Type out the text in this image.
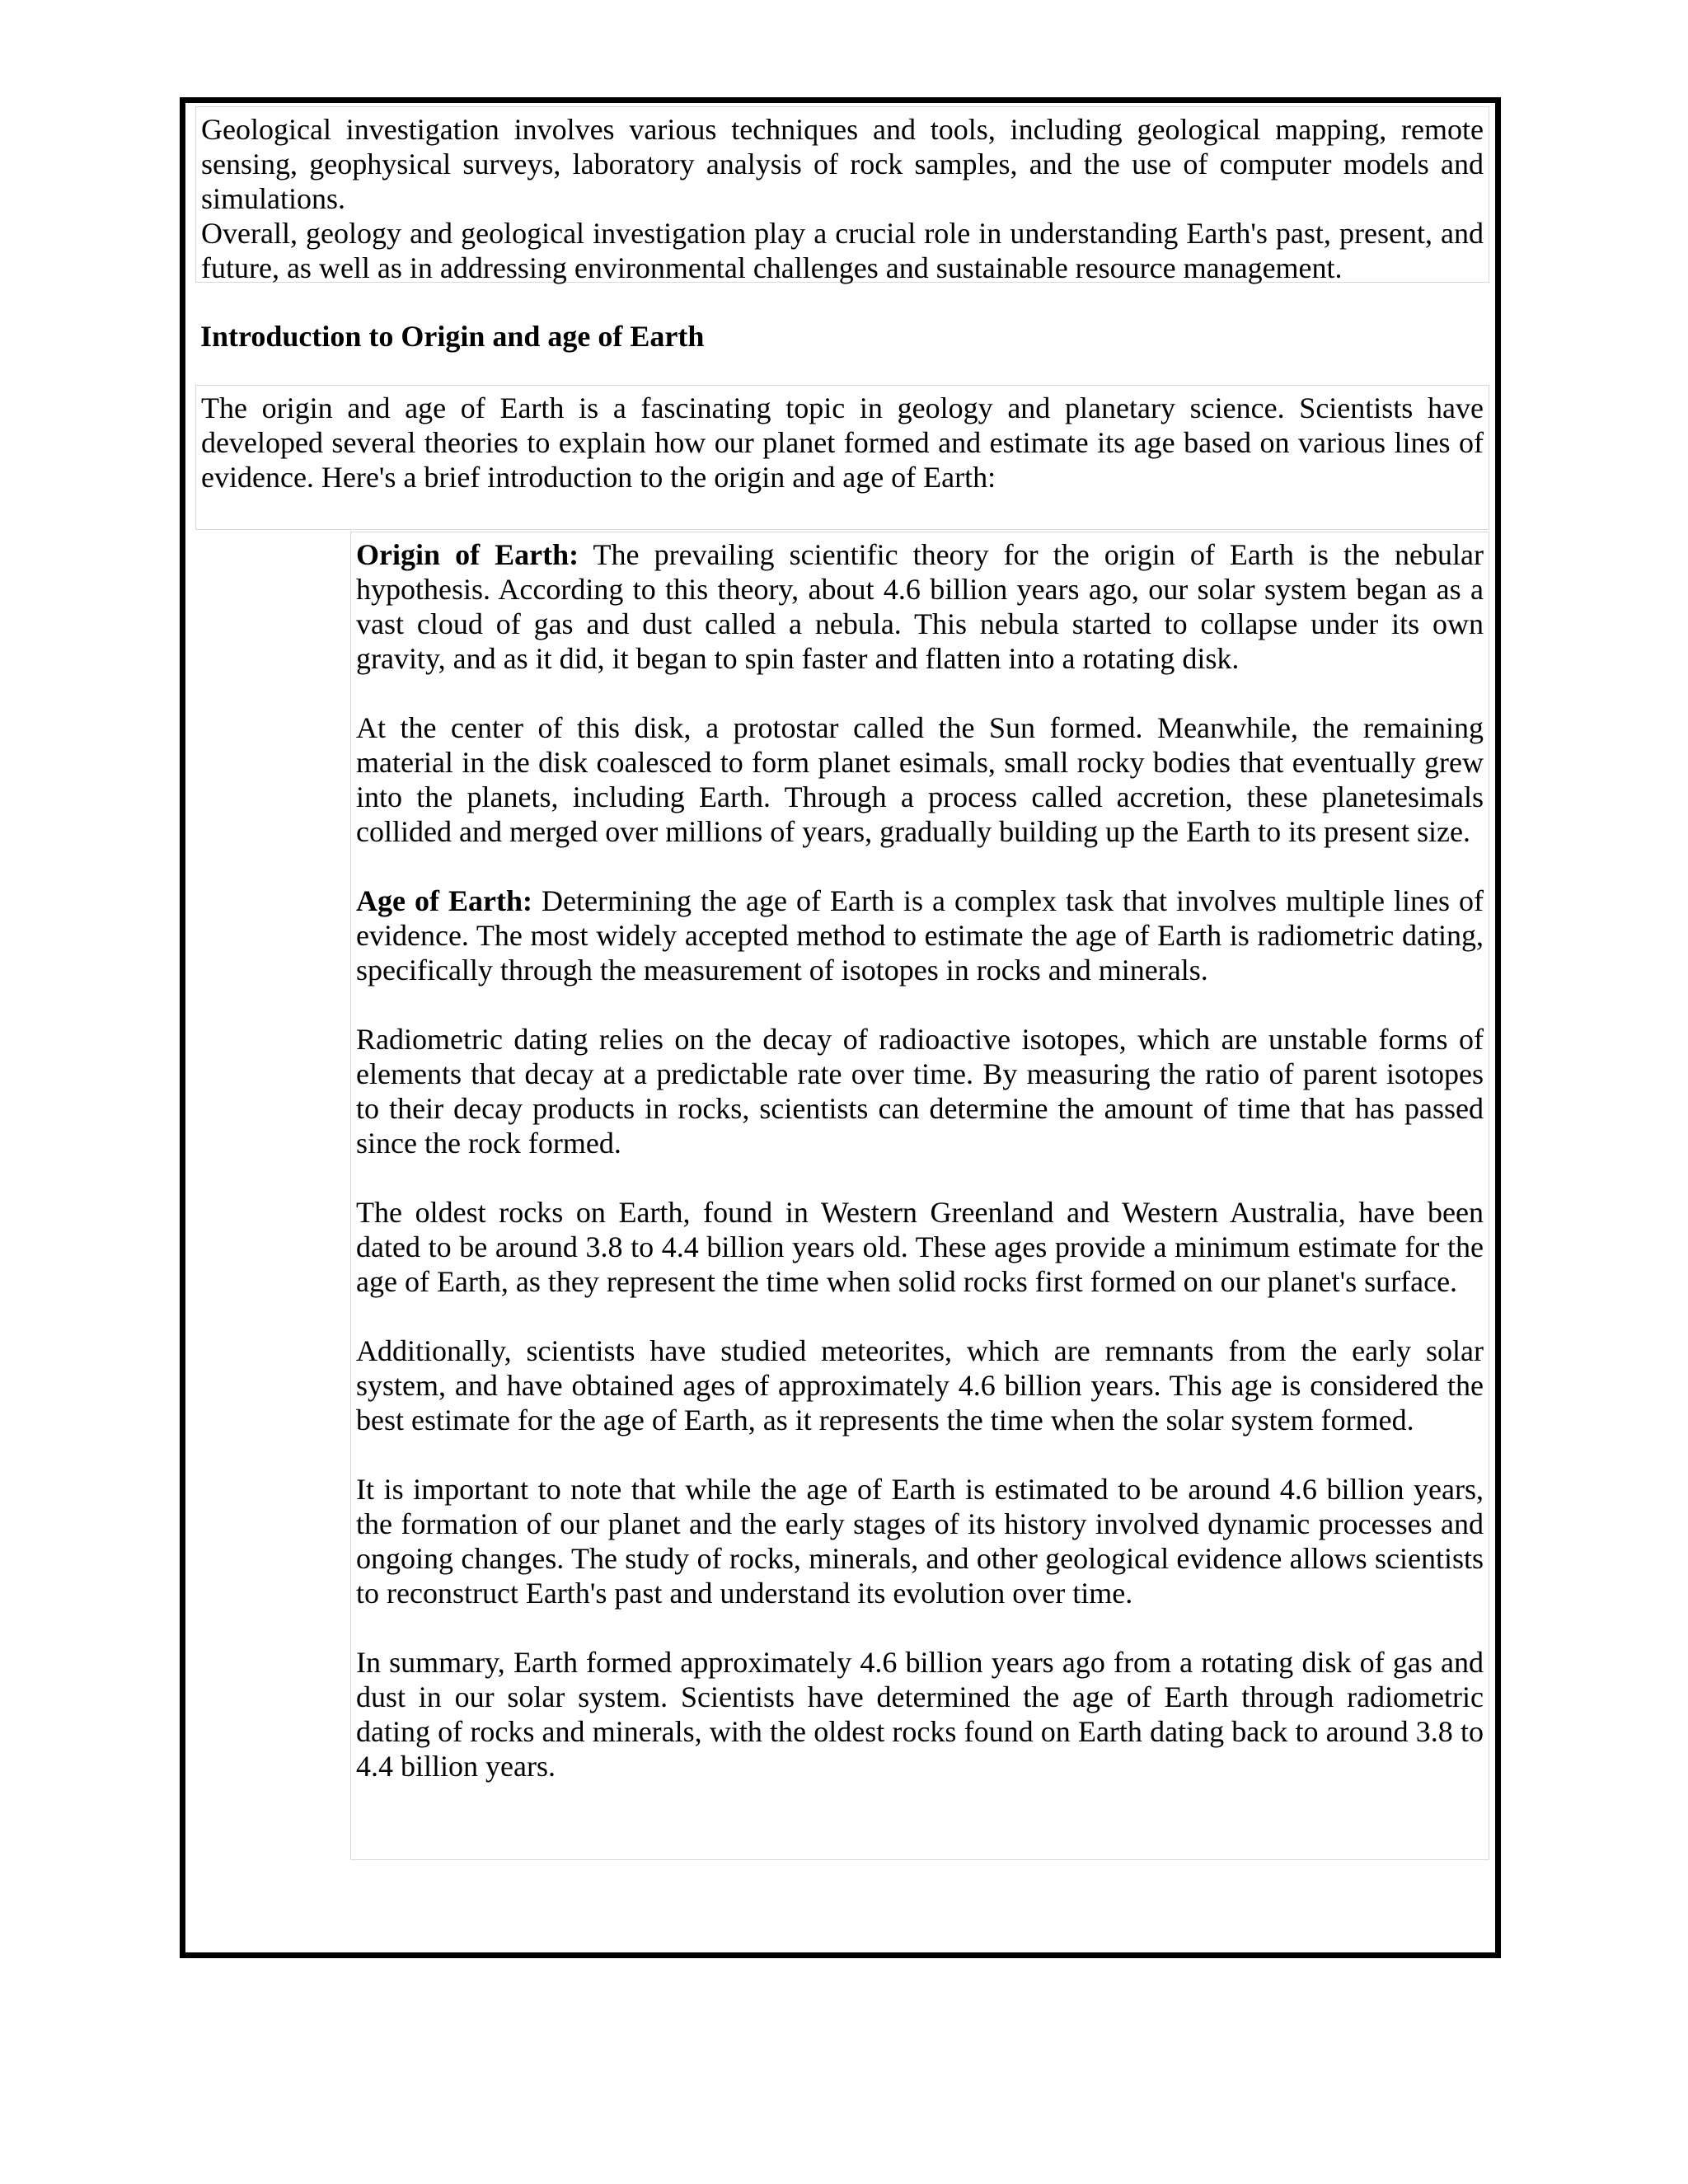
Geological investigation involves various techniques and tools, including geological mapping, remote sensing, geophysical surveys, laboratory analysis of rock samples, and the use of computer models and simulations.

Overall, geology and geological investigation play a crucial role in understanding Earth's past, present, and future, as well as in addressing environmental challenges and sustainable resource management.

Introduction to Origin and age of Earth

The origin and age of Earth is a fascinating topic in geology and planetary science. Scientists have developed several theories to explain how our planet formed and estimate its age based on various lines of evidence. Here's a brief introduction to the origin and age of Earth:

Origin of Earth: The prevailing scientific theory for the origin of Earth is the nebular hypothesis. According to this theory, about 4.6 billion years ago, our solar system began as a vast cloud of gas and dust called a nebula. This nebula started to collapse under its own gravity, and as it did, it began to spin faster and flatten into a rotating disk.

At the center of this disk, a protostar called the Sun formed. Meanwhile, the remaining material in the disk coalesced to form planet esimals, small rocky bodies that eventually grew into the planets, including Earth. Through a process called accretion, these planetesimals collided and merged over millions of years, gradually building up the Earth to its present size.

Age of Earth: Determining the age of Earth is a complex task that involves multiple lines of evidence. The most widely accepted method to estimate the age of Earth is radiometric dating, specifically through the measurement of isotopes in rocks and minerals.

Radiometric dating relies on the decay of radioactive isotopes, which are unstable forms of elements that decay at a predictable rate over time. By measuring the ratio of parent isotopes to their decay products in rocks, scientists can determine the amount of time that has passed since the rock formed.

The oldest rocks on Earth, found in Western Greenland and Western Australia, have been dated to be around 3.8 to 4.4 billion years old. These ages provide a minimum estimate for the age of Earth, as they represent the time when solid rocks first formed on our planet's surface.

Additionally, scientists have studied meteorites, which are remnants from the early solar system, and have obtained ages of approximately 4.6 billion years. This age is considered the best estimate for the age of Earth, as it represents the time when the solar system formed.

It is important to note that while the age of Earth is estimated to be around 4.6 billion years, the formation of our planet and the early stages of its history involved dynamic processes and ongoing changes. The study of rocks, minerals, and other geological evidence allows scientists to reconstruct Earth's past and understand its evolution over time.

In summary, Earth formed approximately 4.6 billion years ago from a rotating disk of gas and dust in our solar system. Scientists have determined the age of Earth through radiometric dating of rocks and minerals, with the oldest rocks found on Earth dating back to around 3.8 to 4.4 billion years.
